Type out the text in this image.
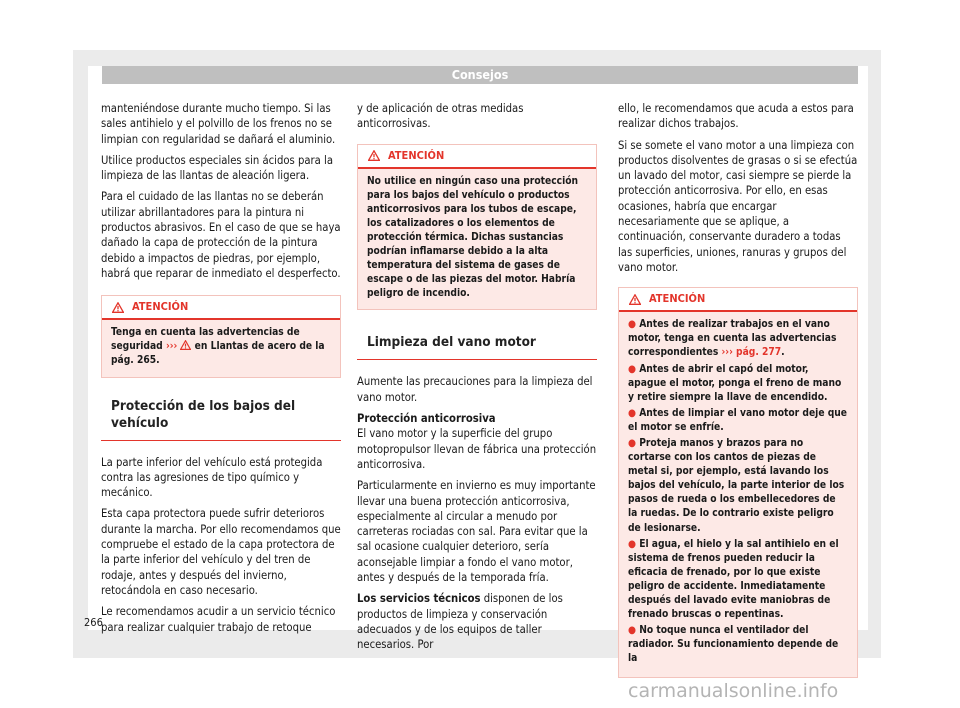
Consejos

manteniéndose durante mucho tiempo. Si las sales antihielo y el polvillo de los frenos no se limpian con regularidad se dañará el aluminio.

Utilice productos especiales sin ácidos para la limpieza de las llantas de aleación ligera.

Para el cuidado de las llantas no se deberán utilizar abrillantadores para la pintura ni productos abrasivos. En el caso de que se haya dañado la capa de protección de la pintura debido a impactos de piedras, por ejemplo, habrá que reparar de inmediato el desperfecto.

ATENCIÓN
Tenga en cuenta las advertencias de seguridad ››› en Llantas de acero de la pág. 265.
Protección de los bajos del vehículo

La parte inferior del vehículo está protegida contra las agresiones de tipo químico y mecánico.

Esta capa protectora puede sufrir deterioros durante la marcha. Por ello recomendamos que compruebe el estado de la capa protectora de la parte inferior del vehículo y del tren de rodaje, antes y después del invierno, retocándola en caso necesario.

Le recomendamos acudir a un servicio técnico para realizar cualquier trabajo de retoque

y de aplicación de otras medidas anticorrosivas.

ATENCIÓN
No utilice en ningún caso una protección para los bajos del vehículo o productos anticorrosivos para los tubos de escape, los catalizadores o los elementos de protección térmica. Dichas sustancias podrían inflamarse debido a la alta temperatura del sistema de gases de escape o de las piezas del motor. Habría peligro de incendio.
Limpieza del vano motor

Aumente las precauciones para la limpieza del vano motor.

Protección anticorrosiva

El vano motor y la superficie del grupo motopropulsor llevan de fábrica una protección anticorrosiva.

Particularmente en invierno es muy importante llevar una buena protección anticorrosiva, especialmente al circular a menudo por carreteras rociadas con sal. Para evitar que la sal ocasione cualquier deterioro, sería aconsejable limpiar a fondo el vano motor, antes y después de la temporada fría.

Los servicios técnicos disponen de los productos de limpieza y conservación adecuados y de los equipos de taller necesarios. Por

ello, le recomendamos que acuda a estos para realizar dichos trabajos.

Si se somete el vano motor a una limpieza con productos disolventes de grasas o si se efectúa un lavado del motor, casi siempre se pierde la protección anticorrosiva. Por ello, en esas ocasiones, habría que encargar necesariamente que se aplique, a continuación, conservante duradero a todas las superficies, uniones, ranuras y grupos del vano motor.

ATENCIÓN
● Antes de realizar trabajos en el vano motor, tenga en cuenta las advertencias correspondientes ››› pág. 277.
● Antes de abrir el capó del motor, apague el motor, ponga el freno de mano y retire siempre la llave de encendido.
● Antes de limpiar el vano motor deje que el motor se enfríe.
● Proteja manos y brazos para no cortarse con los cantos de piezas de metal si, por ejemplo, está lavando los bajos del vehículo, la parte interior de los pasos de rueda o los embellecedores de la ruedas. De lo contrario existe peligro de lesionarse.
● El agua, el hielo y la sal antihielo en el sistema de frenos pueden reducir la eficacia de frenado, por lo que existe peligro de accidente. Inmediatamente después del lavado evite maniobras de frenado bruscas o repentinas.
● No toque nunca el ventilador del radiador. Su funcionamiento depende de la
266
carmanualsonline.info
